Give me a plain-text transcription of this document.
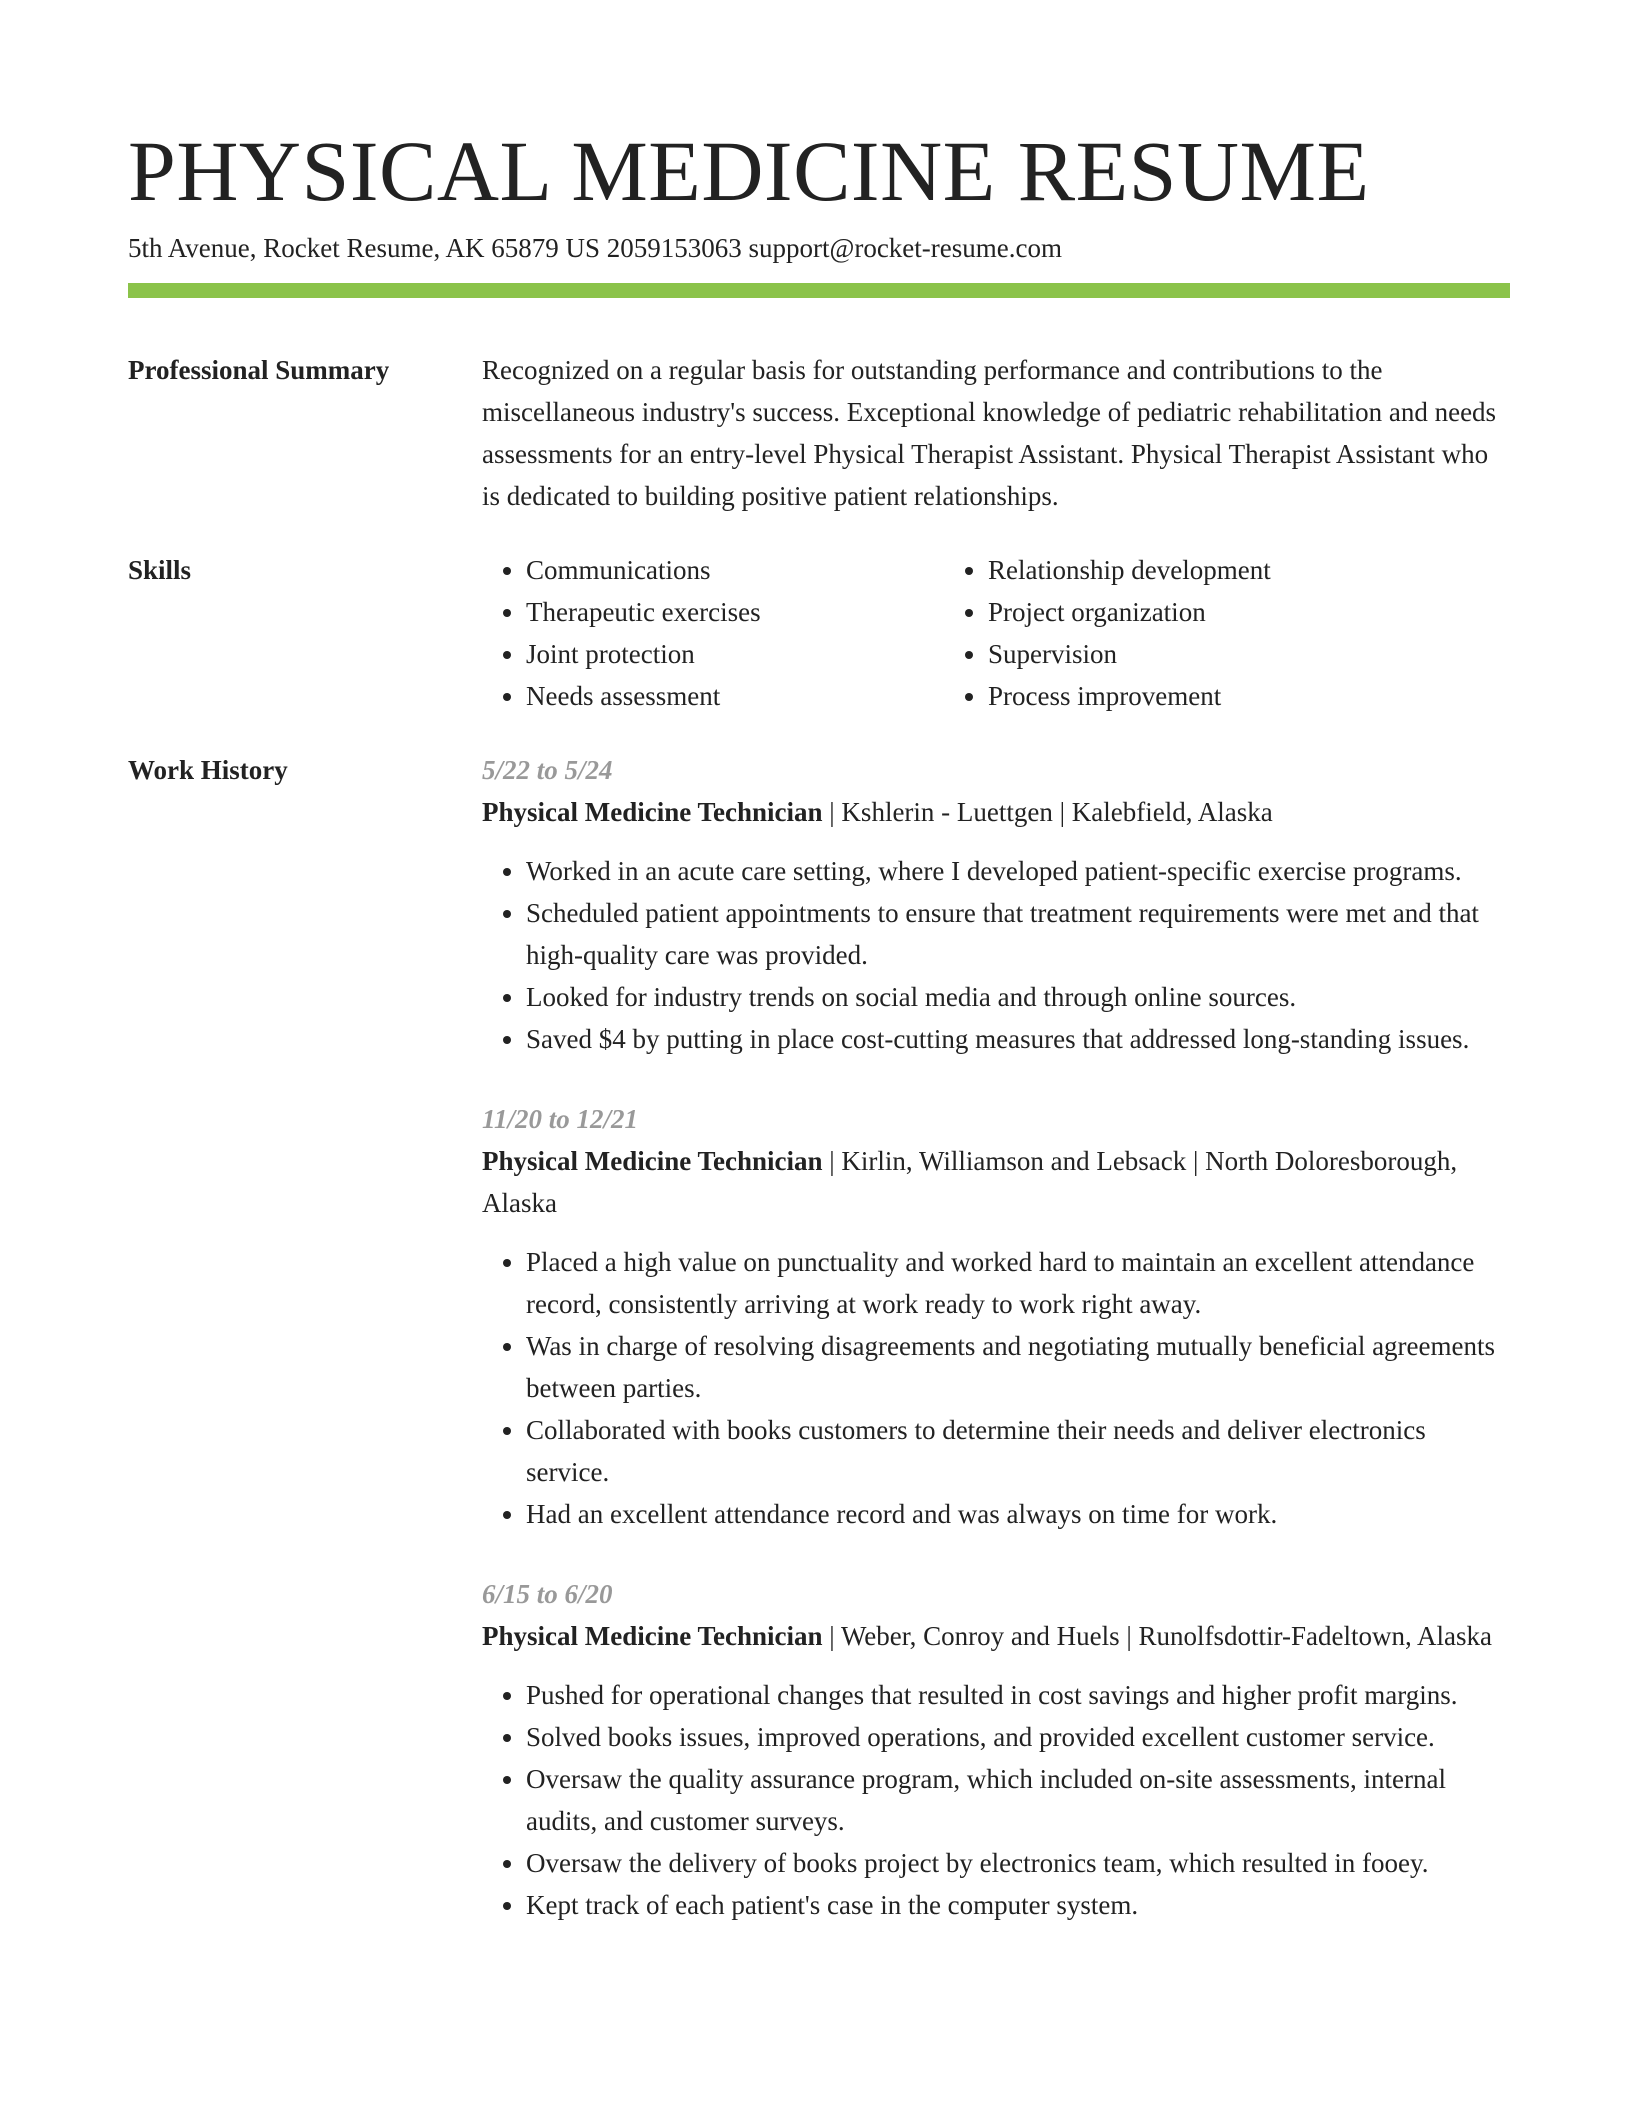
PHYSICAL MEDICINE RESUME
5th Avenue, Rocket Resume, AK 65879 US 2059153063 support@rocket-resume.com
Professional Summary	Recognized on a regular basis for outstanding performance and contributions to the miscellaneous industry's success. Exceptional knowledge of pediatric rehabilitation and needs assessments for an entry-level Physical Therapist Assistant. Physical Therapist Assistant who is dedicated to building positive patient relationships.

Skills
•	Communications
• Therapeutic exercises
• Joint protection
• Needs assessment
• Relationship development
• Project organization
• Supervision
• Process improvement
Work History	5/22 to 5/24
Physical Medicine Technician | Kshlerin - Luettgen | Kalebfield, Alaska
• Worked in an acute care setting, where I developed patient-specific exercise programs.
• Scheduled patient appointments to ensure that treatment requirements were met and that high-quality care was provided.
• Looked for industry trends on social media and through online sources.
• Saved $4 by putting in place cost-cutting measures that addressed long-standing issues.
11/20 to 12/21
Physical Medicine Technician | Kirlin, Williamson and Lebsack | North Doloresborough, Alaska
• Placed a high value on punctuality and worked hard to maintain an excellent attendance record, consistently arriving at work ready to work right away.
• Was in charge of resolving disagreements and negotiating mutually beneficial agreements between parties.
• Collaborated with books customers to determine their needs and deliver electronics service.
• Had an excellent attendance record and was always on time for work.
6/15 to 6/20
Physical Medicine Technician | Weber, Conroy and Huels | Runolfsdottir-Fadeltown, Alaska
• Pushed for operational changes that resulted in cost savings and higher profit margins.
• Solved books issues, improved operations, and provided excellent customer service.
• Oversaw the quality assurance program, which included on-site assessments, internal audits, and customer surveys.
• Oversaw the delivery of books project by electronics team, which resulted in fooey.
• Kept track of each patient's case in the computer system.
